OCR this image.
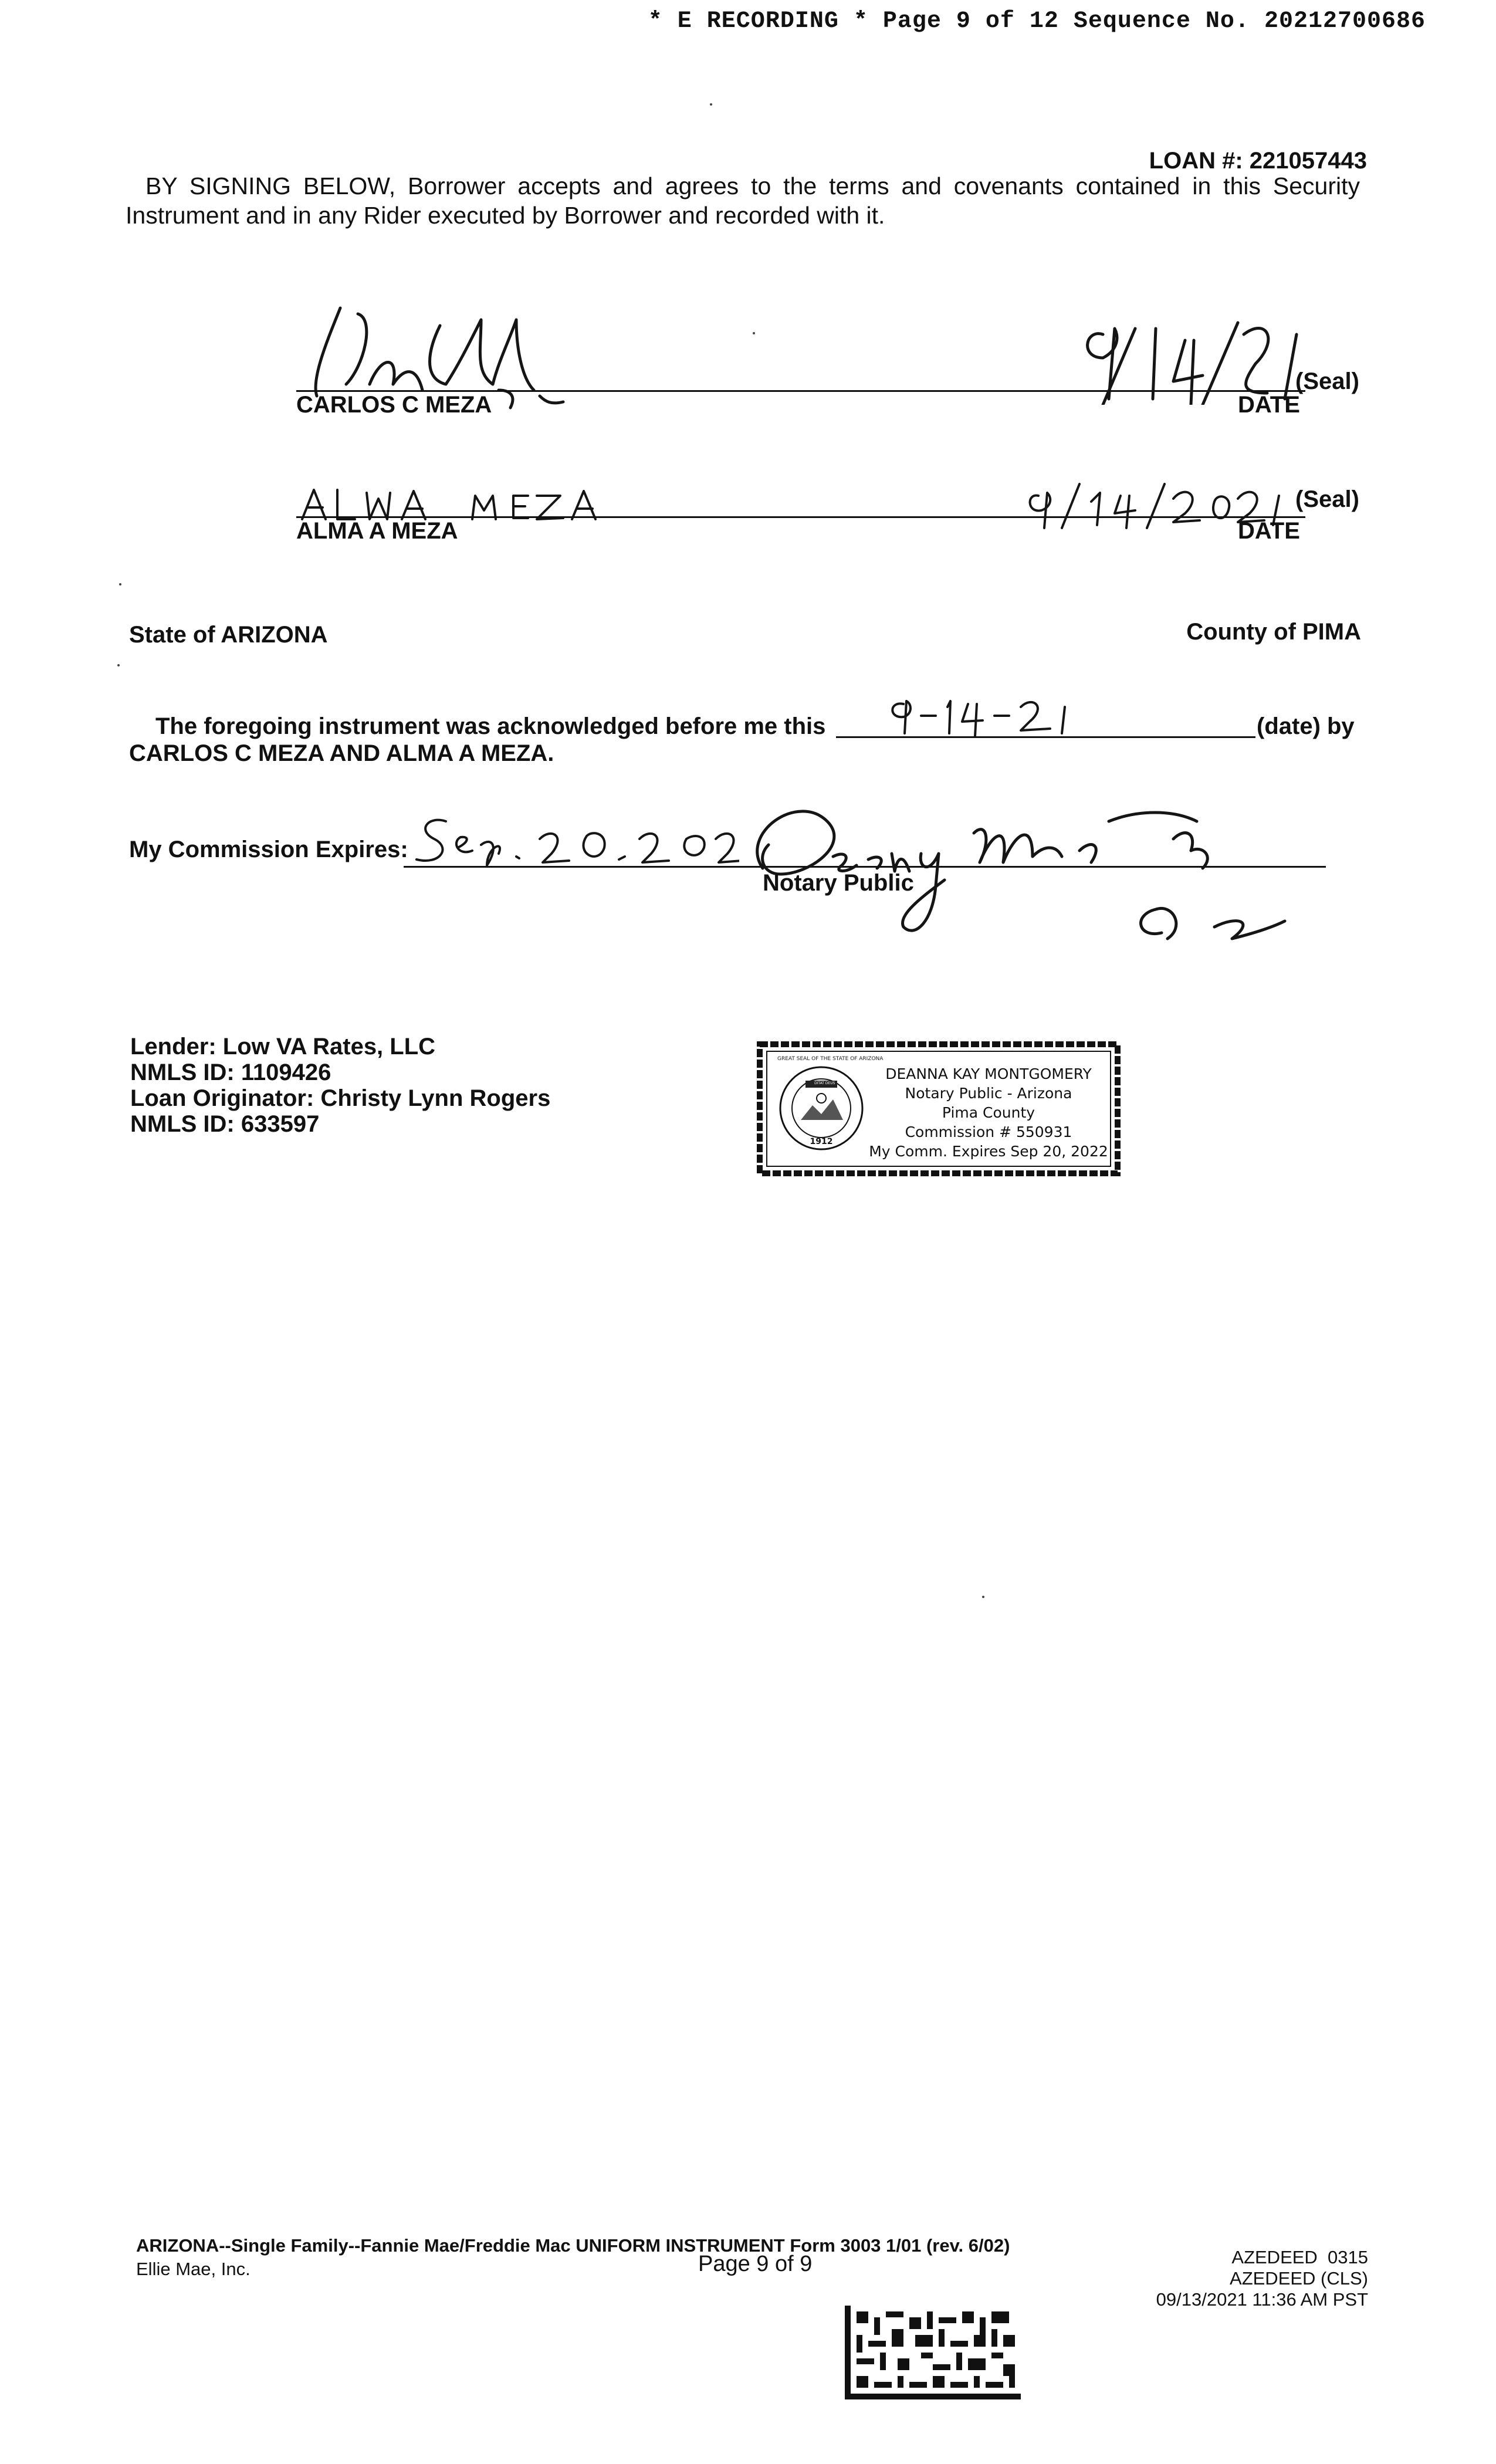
* E RECORDING * Page 9 of 12 Sequence No. 20212700686
LOAN #: 221057443
BY SIGNING BELOW, Borrower accepts and agrees to the terms and covenants contained in this Security
Instrument and in any Rider executed by Borrower and recorded with it.
(Seal)
CARLOS C MEZA	DATE
(Seal)
ALMA A MEZA	DATE
State of ARIZONA	County of PIMA
The foregoing instrument was acknowledged before me this	(date) by
CARLOS C MEZA AND ALMA A MEZA.
My Commission Expires:
Notary Public
Lender: Low VA Rates, LLC
NMLS ID: 1109426
Loan Originator: Christy Lynn Rogers
NMLS ID: 633597
GREAT SEAL OF THE STATE OF ARIZONA
DITAT DEUS
1912
DEANNA KAY MONTGOMERY
Notary Public - Arizona
Pima County
Commission # 550931
My Comm. Expires Sep 20, 2022
ARIZONA--Single Family--Fannie Mae/Freddie Mac UNIFORM INSTRUMENT Form 3003 1/01 (rev. 6/02)
Ellie Mae, Inc.	Page 9 of 9	AZEDEED  0315
AZEDEED (CLS)
09/13/2021 11:36 AM PST
